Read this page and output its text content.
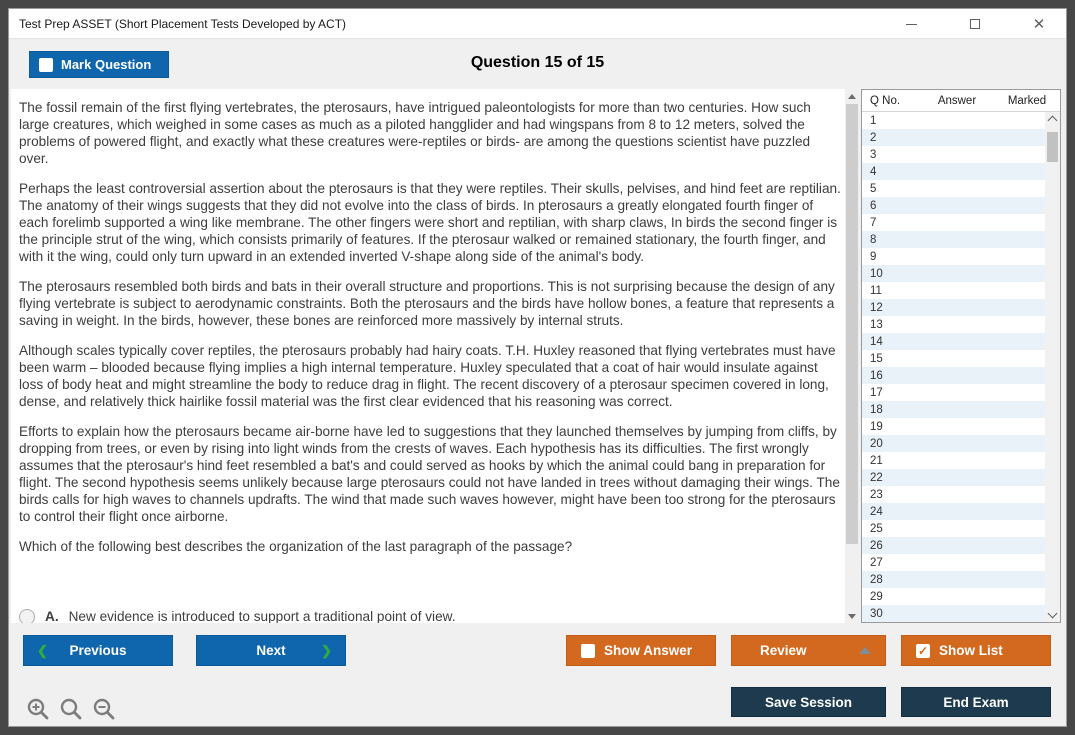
Test Prep ASSET (Short Placement Tests Developed by ACT)	✕
Mark Question	Question 15 of 15

The fossil remain of the first flying vertebrates, the pterosaurs, have intrigued paleontologists for more than two centuries. How such large creatures, which weighed in some cases as much as a piloted hangglider and had wingspans from 8 to 12 meters, solved the problems of powered flight, and exactly what these creatures were-reptiles or birds- are among the questions scientist have puzzled over.

Perhaps the least controversial assertion about the pterosaurs is that they were reptiles. Their skulls, pelvises, and hind feet are reptilian. The anatomy of their wings suggests that they did not evolve into the class of birds. In pterosaurs a greatly elongated fourth finger of each forelimb supported a wing like membrane. The other fingers were short and reptilian, with sharp claws, In birds the second finger is the principle strut of the wing, which consists primarily of features. If the pterosaur walked or remained stationary, the fourth finger, and with it the wing, could only turn upward in an extended inverted V-shape along side of the animal's body.

The pterosaurs resembled both birds and bats in their overall structure and proportions. This is not surprising because the design of any flying vertebrate is subject to aerodynamic constraints. Both the pterosaurs and the birds have hollow bones, a feature that represents a saving in weight. In the birds, however, these bones are reinforced more massively by internal struts.

Although scales typically cover reptiles, the pterosaurs probably had hairy coats. T.H. Huxley reasoned that flying vertebrates must have been warm – blooded because flying implies a high internal temperature. Huxley speculated that a coat of hair would insulate against loss of body heat and might streamline the body to reduce drag in flight. The recent discovery of a pterosaur specimen covered in long, dense, and relatively thick hairlike fossil material was the first clear evidenced that his reasoning was correct.

Efforts to explain how the pterosaurs became air-borne have led to suggestions that they launched themselves by jumping from cliffs, by dropping from trees, or even by rising into light winds from the crests of waves. Each hypothesis has its difficulties. The first wrongly assumes that the pterosaur's hind feet resembled a bat's and could served as hooks by which the animal could bang in preparation for flight. The second hypothesis seems unlikely because large pterosaurs could not have landed in trees without damaging their wings. The birds calls for high waves to channels updrafts. The wind that made such waves however, might have been too strong for the pterosaurs to control their flight once airborne.

Which of the following best describes the organization of the last paragraph of the passage?

A. New evidence is introduced to support a traditional point of view.
Q No.	Answer	Marked
1
2
3
4
5
6
7
8
9
10
11
12
13
14
15
16
17
18
19
20
21
22
23
24
25
26
27
28
29
30
❮ Previous	Next	❯	Show Answer	Review ✓	Show List
Save Session	End Exam
